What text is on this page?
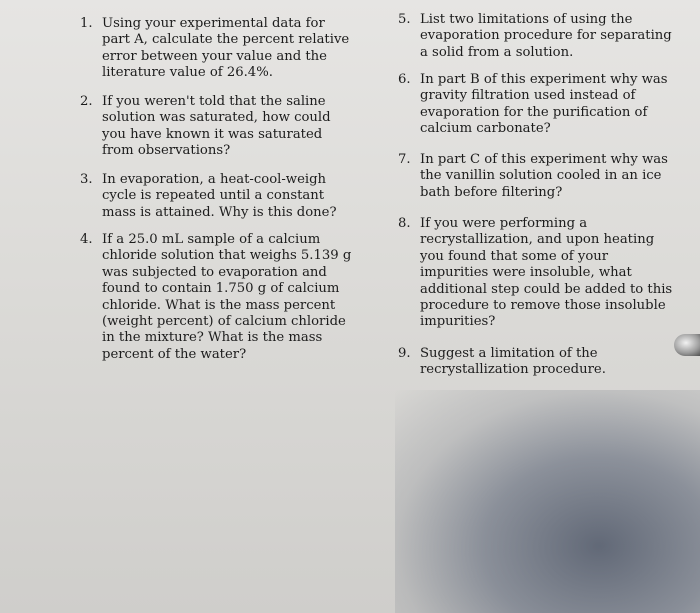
1. Using your experimental data for part A, calculate the percent relative error between your value and the literature value of 26.4%.
2. If you weren't told that the saline solution was saturated, how could you have known it was saturated from observations?
3. In evaporation, a heat-cool-weigh cycle is repeated until a constant mass is attained. Why is this done?
4. If a 25.0 mL sample of a calcium chloride solution that weighs 5.139 g was subjected to evaporation and found to contain 1.750 g of calcium chloride. What is the mass percent (weight percent) of calcium chloride in the mixture? What is the mass percent of the water?
5. List two limitations of using the evaporation procedure for separating a solid from a solution.
6. In part B of this experiment why was gravity filtration used instead of evaporation for the purification of calcium carbonate?
7. In part C of this experiment why was the vanillin solution cooled in an ice bath before filtering?
8. If you were performing a recrystallization, and upon heating you found that some of your impurities were insoluble, what additional step could be added to this procedure to remove those insoluble impurities?
9. Suggest a limitation of the recrystallization procedure.
